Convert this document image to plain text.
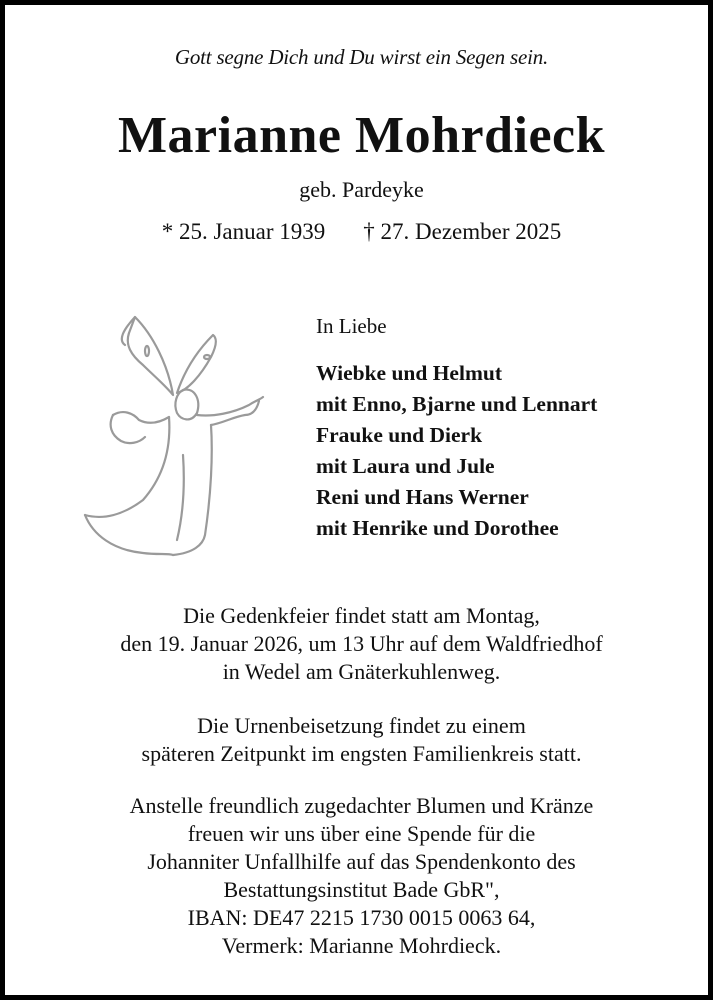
Gott segne Dich und Du wirst ein Segen sein.
Marianne Mohrdieck
geb. Pardeyke
* 25. Januar 1939 † 27. Dezember 2025
In Liebe
Wiebke und Helmut
mit Enno, Bjarne und Lennart
Frauke und Dierk
mit Laura und Jule
Reni und Hans Werner
mit Henrike und Dorothee
Die Gedenkfeier findet statt am Montag,
den 19. Januar 2026, um 13 Uhr auf dem Waldfriedhof
in Wedel am Gnäterkuhlenweg.
Die Urnenbeisetzung findet zu einem
späteren Zeitpunkt im engsten Familienkreis statt.
Anstelle freundlich zugedachter Blumen und Kränze
freuen wir uns über eine Spende für die
Johanniter Unfallhilfe auf das Spendenkonto des
Bestattungsinstitut Bade GbR",
IBAN: DE47 2215 1730 0015 0063 64,
Vermerk: Marianne Mohrdieck.
